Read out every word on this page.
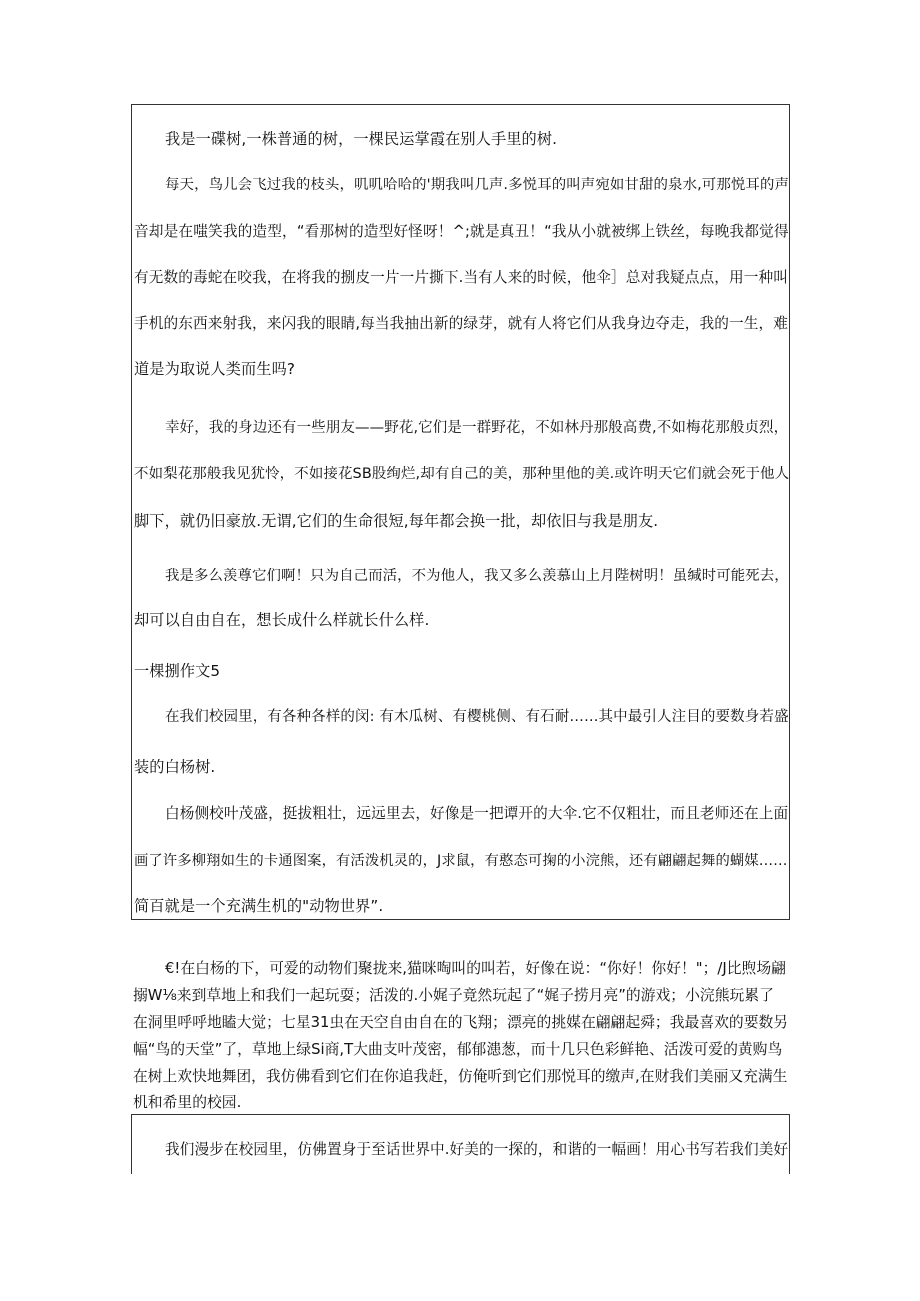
我是一碟树,一株普通的树，一棵民运掌霞在别人手里的树.
每天，鸟儿会飞过我的枝头，叽叽哈哈的'期我叫几声.多悦耳的叫声宛如甘甜的泉水,可那悦耳的声
音却是在嗤笑我的造型，“看那树的造型好怪呀！^;就是真丑！“我从小就被绑上铁丝，每晚我都觉得
有无数的毒蛇在咬我，在将我的捌皮一片一片撕下.当有人来的时候，他伞］总对我疑点点，用一种叫
手机的东西来射我，来闪我的眼睛,每当我抽出新的绿芽，就有人将它们从我身边夺走，我的一生，难
道是为取说人类而生吗?
幸好，我的身边还有一些朋友——野花,它们是一群野花，不如林丹那般高费,不如梅花那般贞烈，
不如梨花那般我见犹怜，不如接花SB股绚烂,却有自己的美，那种里他的美.或许明天它们就会死于他人
脚下，就仍旧豪放.无谓,它们的生命很短,每年都会换一批，却依旧与我是朋友.
我是多么羡尊它们啊！只为自己而活，不为他人，我又多么羡慕山上月陛树明！虽缄时可能死去，
却可以自由自在，想长成什么样就长什么样.
一棵捌作文5
在我们校园里，有各种各样的闵: 有木瓜树、有樱桃侧、有石耐……其中最引人注目的要数身若盛
装的白杨树.
白杨侧校叶茂盛，挺拔粗壮，远远里去，好像是一把谭开的大伞.它不仅粗壮，而且老师还在上面
画了许多柳翔如生的卡通图案，有活泼机灵的，J求鼠，有憨态可掬的小浣熊，还有翩翩起舞的蝴媒……
简百就是一个充满生机的"动物世界”.
€!在白杨的下，可爱的动物们聚拢来,猫咪啕叫的叫若，好像在说：“你好！你好！"；/J比煦场翩
搦W⅛来到草地上和我们一起玩耍；活泼的.小娓子竟然玩起了“娓子捞月亮”的游戏；小浣熊玩累了
在洞里呼呼地瞌大觉；七星31虫在天空自由自在的飞翔；漂亮的挑媒在翩翩起舜；我最喜欢的要数另
幅“鸟的天堂”了，草地上绿Si商,T大曲支叶茂密，郁郁漶葱，而十几只色彩鲜艳、活泼可爱的黄购鸟
在树上欢快地舞团，我仿佛看到它们在你追我赶，仿俺听到它们那悦耳的缴声,在财我们美丽又充满生
机和希里的校园.
我们漫步在校园里，仿佛置身于至话世界中.好美的一探的，和谐的一幅画！用心书写若我们美好
